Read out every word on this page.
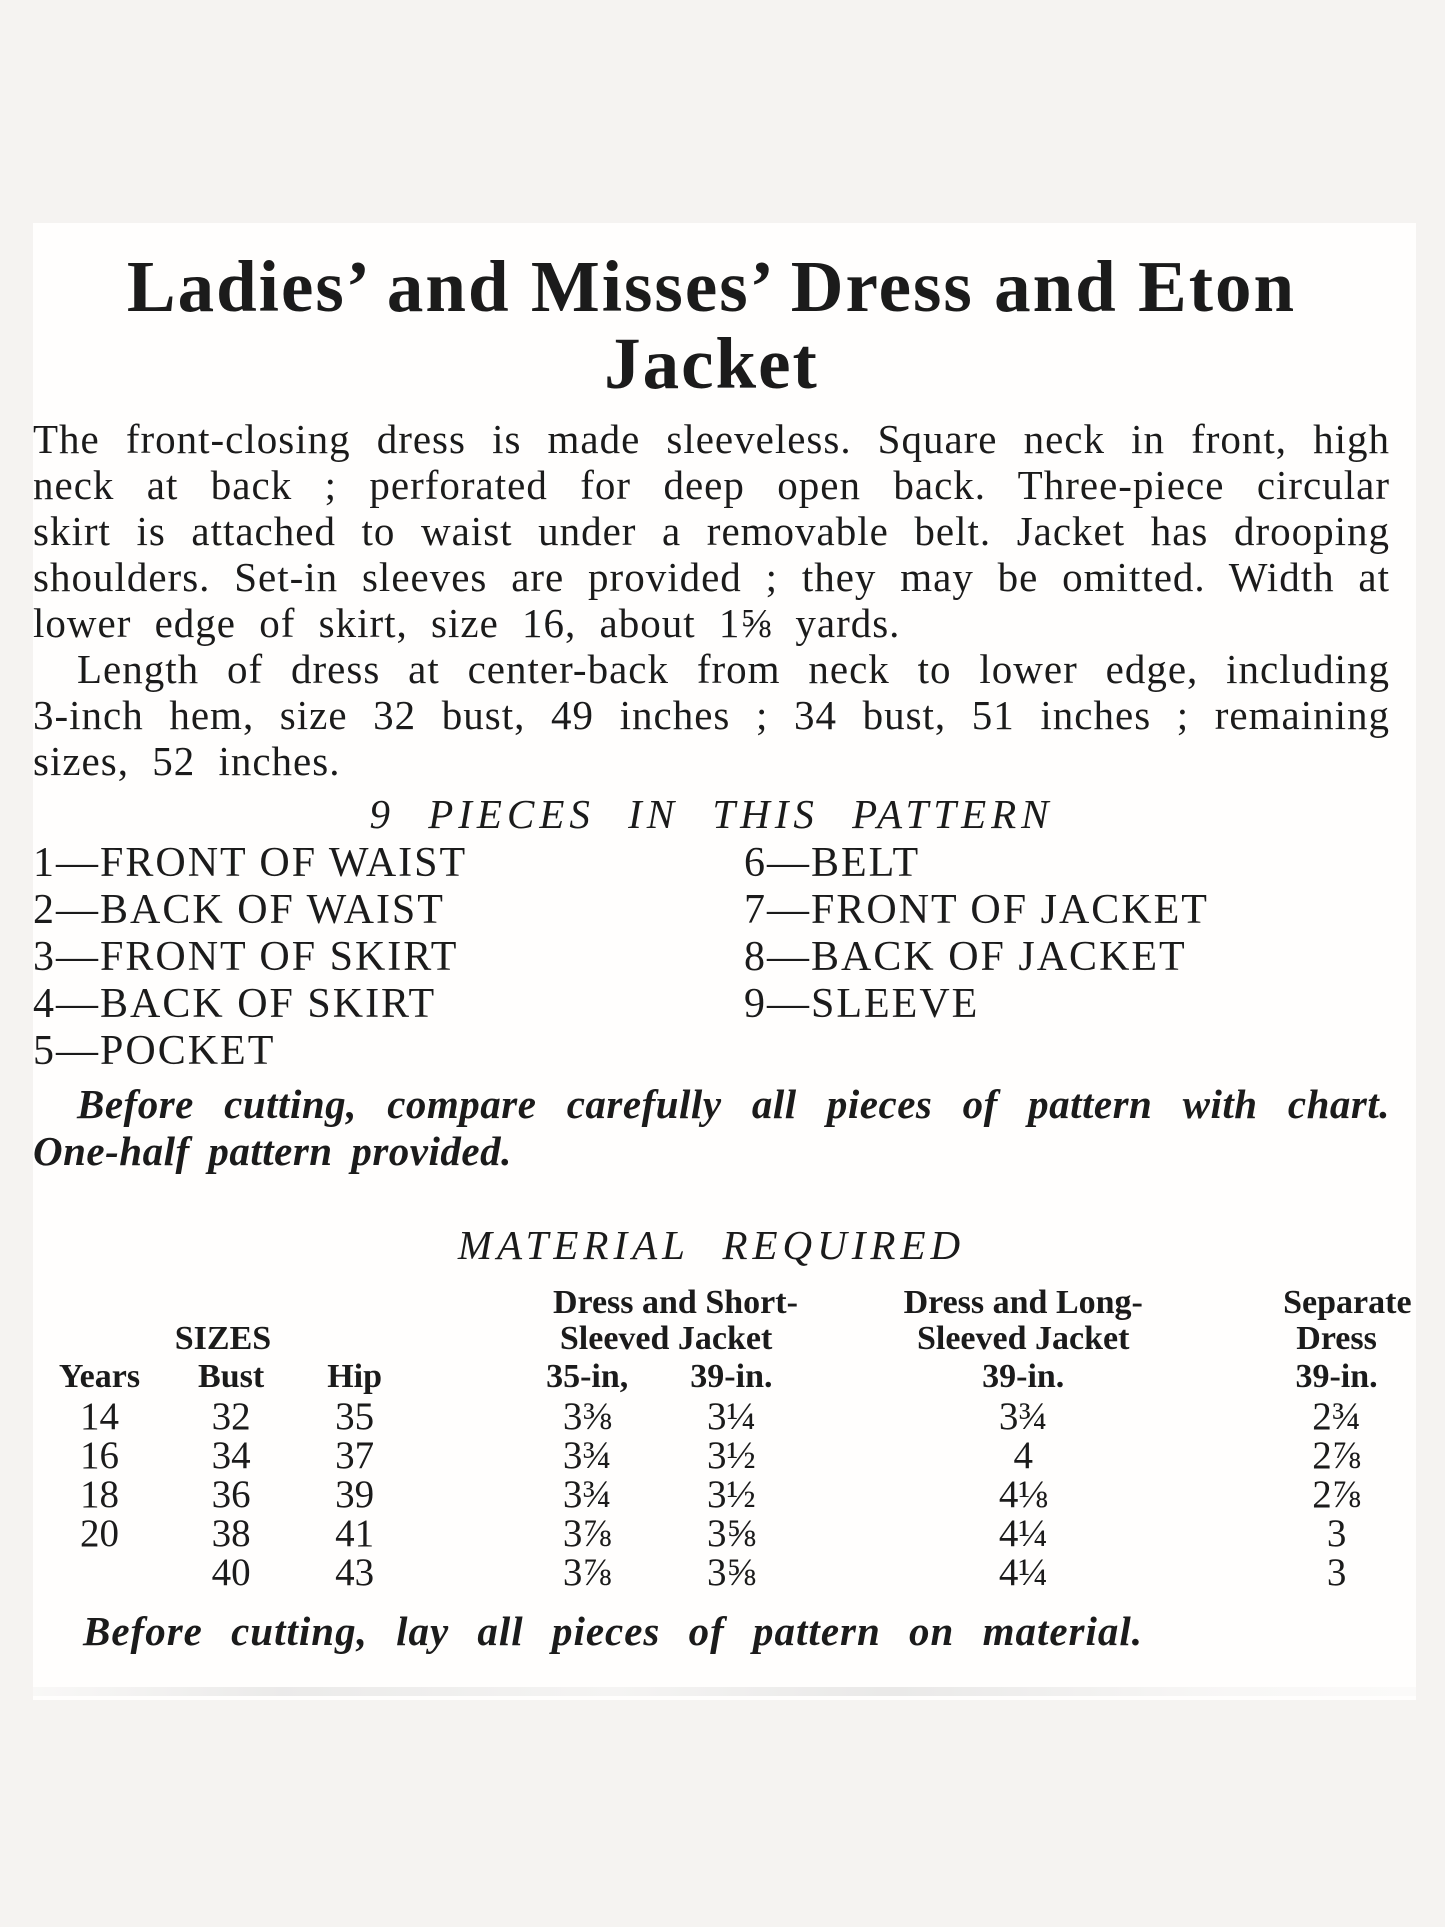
Ladies’ and Misses’ Dress and Eton
Jacket

The front-closing dress is made sleeveless. Square neck in front, high neck at back ; perforated for deep open back. Three-piece circular skirt is attached to waist under a removable belt. Jacket has drooping shoulders. Set-in sleeves are provided ; they may be omitted. Width at lower edge of skirt, size 16, about 1⅝ yards.

Length of dress at center-back from neck to lower edge, including 3-inch hem, size 32 bust, 49 inches ; 34 bust, 51 inches ; remaining sizes, 52 inches.

9 PIECES IN THIS PATTERN
1—FRONT OF WAIST
2—BACK OF WAIST
3—FRONT OF SKIRT
4—BACK OF SKIRT
5—POCKET
6—BELT
7—FRONT OF JACKET
8—BACK OF JACKET
9—SLEEVE

Before cutting, compare carefully all pieces of pattern with chart. One-half pattern provided.

MATERIAL REQUIRED
SIZES

Dress and Short-
Sleeved Jacket

Dress and Long-
Sleeved Jacket

Separate
Dress

Years	Bust	Hip	35-in,	39-in.	39-in.	39-in.
14	32	35	3⅜	3¼	3¾	2¾
16	34	37	3¾	3½	4	2⅞
18	36	39	3¾	3½	4⅛	2⅞
20	38	41	3⅞	3⅝	4¼	3
	40	43	3⅞	3⅝	4¼	3

Before cutting, lay all pieces of pattern on material.
